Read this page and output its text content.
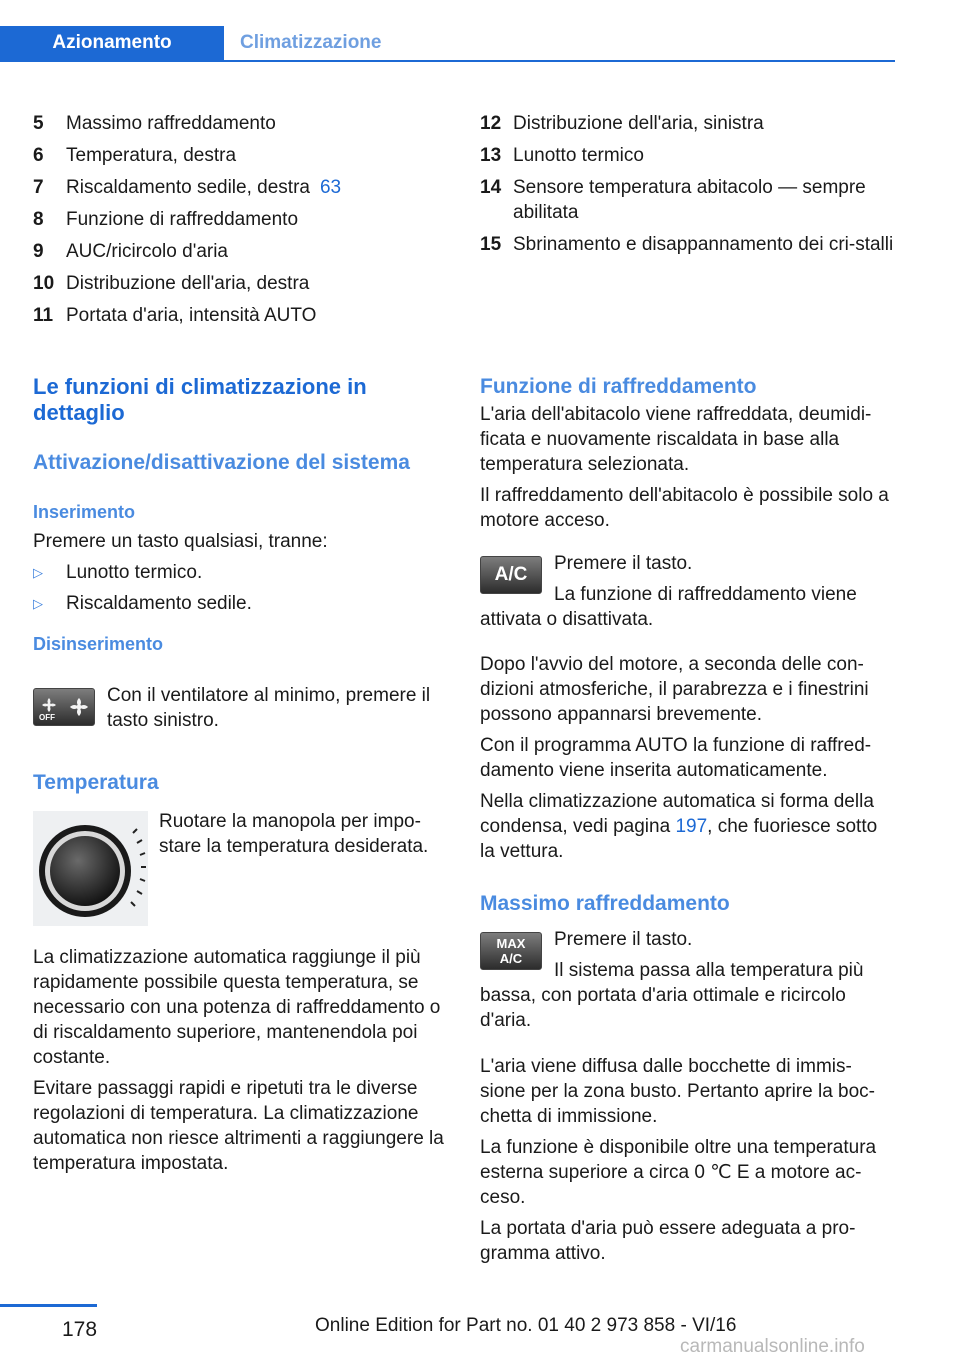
Azionamento	Climatizzazione
5	Massimo raffreddamento
6	Temperatura, destra
7	Riscaldamento sedile, destra 63
8	Funzione di raffreddamento
9	AUC/ricircolo d'aria
10 Distribuzione dell'aria, destra
11 Portata d'aria, intensità AUTO
12 Distribuzione dell'aria, sinistra
13 Lunotto termico
14 Sensore temperatura abitacolo — sempre abilitata
15 Sbrinamento e disappannamento dei cri-stalli
Le funzioni di climatizzazione in dettaglio
Attivazione/disattivazione del sistema
Inserimento

Premere un tasto qualsiasi, tranne:

▷	Lunotto termico.
▷	Riscaldamento sedile.
Disinserimento
OFF

Con il ventilatore al minimo, premere il tasto sinistro.

Temperatura

Ruotare la manopola per impo-stare la temperatura desiderata.

La climatizzazione automatica raggiunge il più rapidamente possibile questa temperatura, se necessario con una potenza di raffreddamento o di riscaldamento superiore, mantenendola poi costante.

Evitare passaggi rapidi e ripetuti tra le diverse regolazioni di temperatura. La climatizzazione automatica non riesce altrimenti a raggiungere la temperatura impostata.

Funzione di raffreddamento

L'aria dell'abitacolo viene raffreddata, deumidi-ficata e nuovamente riscaldata in base alla temperatura selezionata.

Il raffreddamento dell'abitacolo è possibile solo a motore acceso.

A/C

Premere il tasto.

La funzione di raffreddamento viene attivata o disattivata.

Dopo l'avvio del motore, a seconda delle con-dizioni atmosferiche, il parabrezza e i finestrini possono appannarsi brevemente.

Con il programma AUTO la funzione di raffred-damento viene inserita automaticamente.

Nella climatizzazione automatica si forma della condensa, vedi pagina 197, che fuoriesce sotto la vettura.

Massimo raffreddamento
MAX
A/C

Premere il tasto.

Il sistema passa alla temperatura più bassa, con portata d'aria ottimale e ricircolo d'aria.

L'aria viene diffusa dalle bocchette di immis-sione per la zona busto. Pertanto aprire la boc-chetta di immissione.

La funzione è disponibile oltre una temperatura esterna superiore a circa 0 ℃ E a motore ac-ceso.

La portata d'aria può essere adeguata a pro-gramma attivo.

178	Online Edition for Part no. 01 40 2 973 858 - VI/16
carmanualsonline.info
